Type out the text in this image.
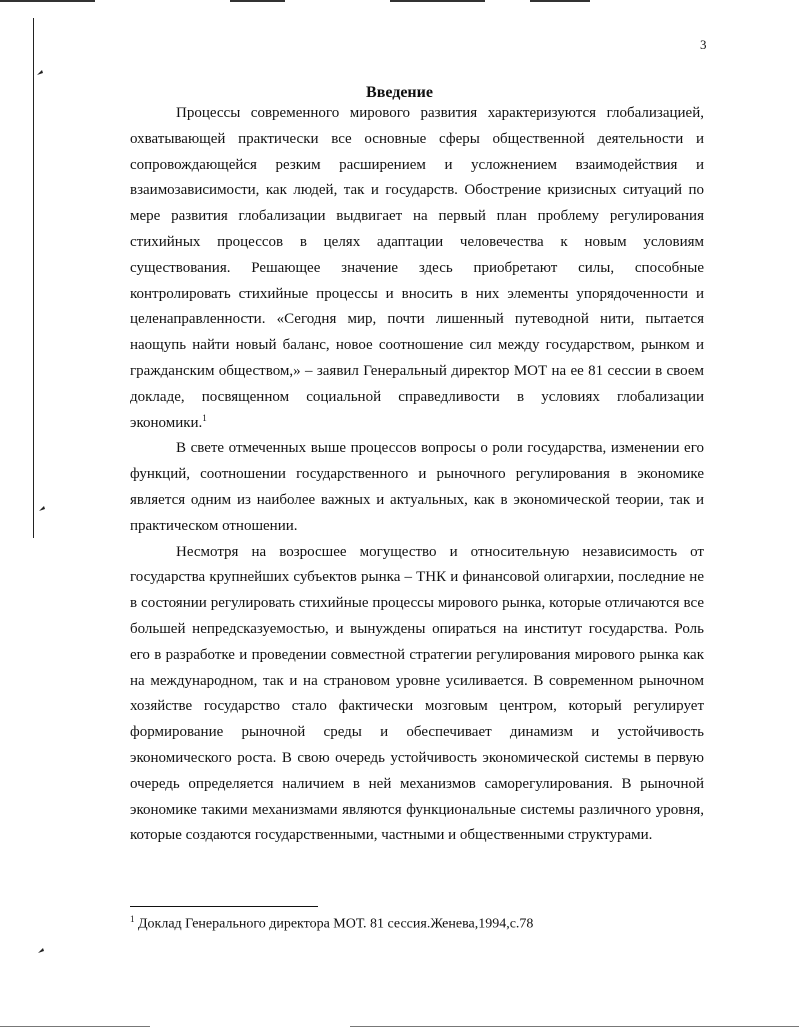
3
Введение

Процессы современного мирового развития характеризуются глобализацией, охватывающей практически все основные сферы общественной деятельности и сопровождающейся резким расширением и усложнением взаимодействия и взаимозависимости, как людей, так и государств. Обострение кризисных ситуаций по мере развития глобализации выдвигает на первый план проблему регулирования стихийных процессов в целях адаптации человечества к новым условиям существования. Решающее значение здесь приобретают силы, способные контролировать стихийные процессы и вносить в них элементы упорядоченности и целенаправленности. «Сегодня мир, почти лишенный путеводной нити, пытается наощупь найти новый баланс, новое соотношение сил между государством, рынком и гражданским обществом,» – заявил Генеральный директор МОТ на ее 81 сессии в своем докладе, посвященном социальной справедливости в условиях глобализации экономики.$^1$

В свете отмеченных выше процессов вопросы о роли государства, изменении его функций, соотношении государственного и рыночного регулирования в экономике является одним из наиболее важных и актуальных, как в экономической теории, так и практическом отношении.

Несмотря на возросшее могущество и относительную независимость от государства крупнейших субъектов рынка – ТНК и финансовой олигархии, последние не в состоянии регулировать стихийные процессы мирового рынка, которые отличаются все большей непредсказуемостью, и вынуждены опираться на институт государства. Роль его в разработке и проведении совместной стратегии регулирования мирового рынка как на международном, так и на страновом уровне усиливается. В современном рыночном хозяйстве государство стало фактически мозговым центром, который регулирует формирование рыночной среды и обеспечивает динамизм и устойчивость экономического роста. В свою очередь устойчивость экономической системы в первую очередь определяется наличием в ней механизмов саморегулирования. В рыночной экономике такими механизмами являются функциональные системы различного уровня, которые создаются государственными, частными и общественными структурами.

$^1$ Доклад Генерального директора МОТ. 81 сессия.Женева,1994,с.78
